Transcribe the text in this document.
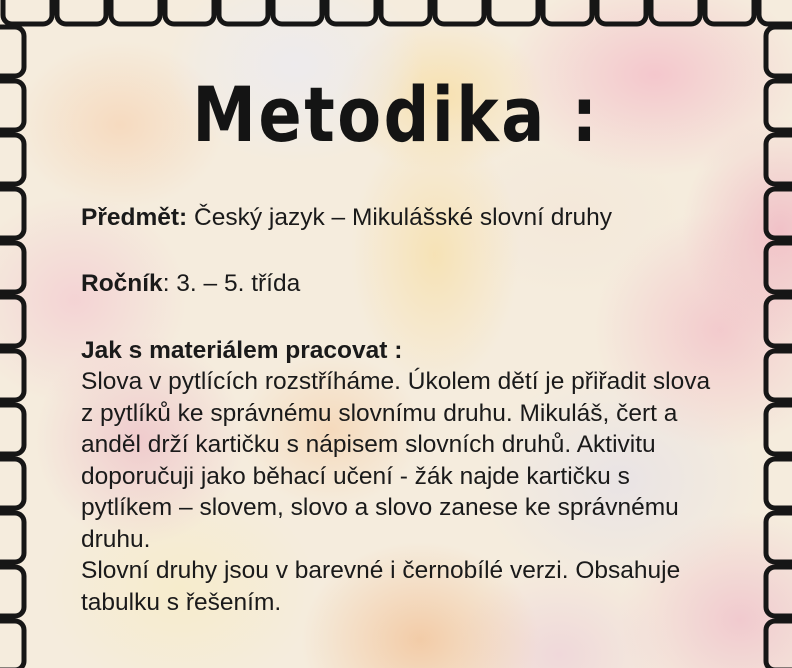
Metodika :
Předmět: Český jazyk – Mikulášské slovní druhy
Ročník: 3. – 5. třída
Jak s materiálem pracovat :
Slova v pytlících rozstříháme. Úkolem dětí je přiřadit slova
z pytlíků ke správnému slovnímu druhu. Mikuláš, čert a
anděl drží kartičku s nápisem slovních druhů. Aktivitu
doporučuji jako běhací učení - žák najde kartičku s
pytlíkem – slovem, slovo a slovo zanese ke správnému
druhu.
Slovní druhy jsou v barevné i černobílé verzi. Obsahuje
tabulku s řešením.
